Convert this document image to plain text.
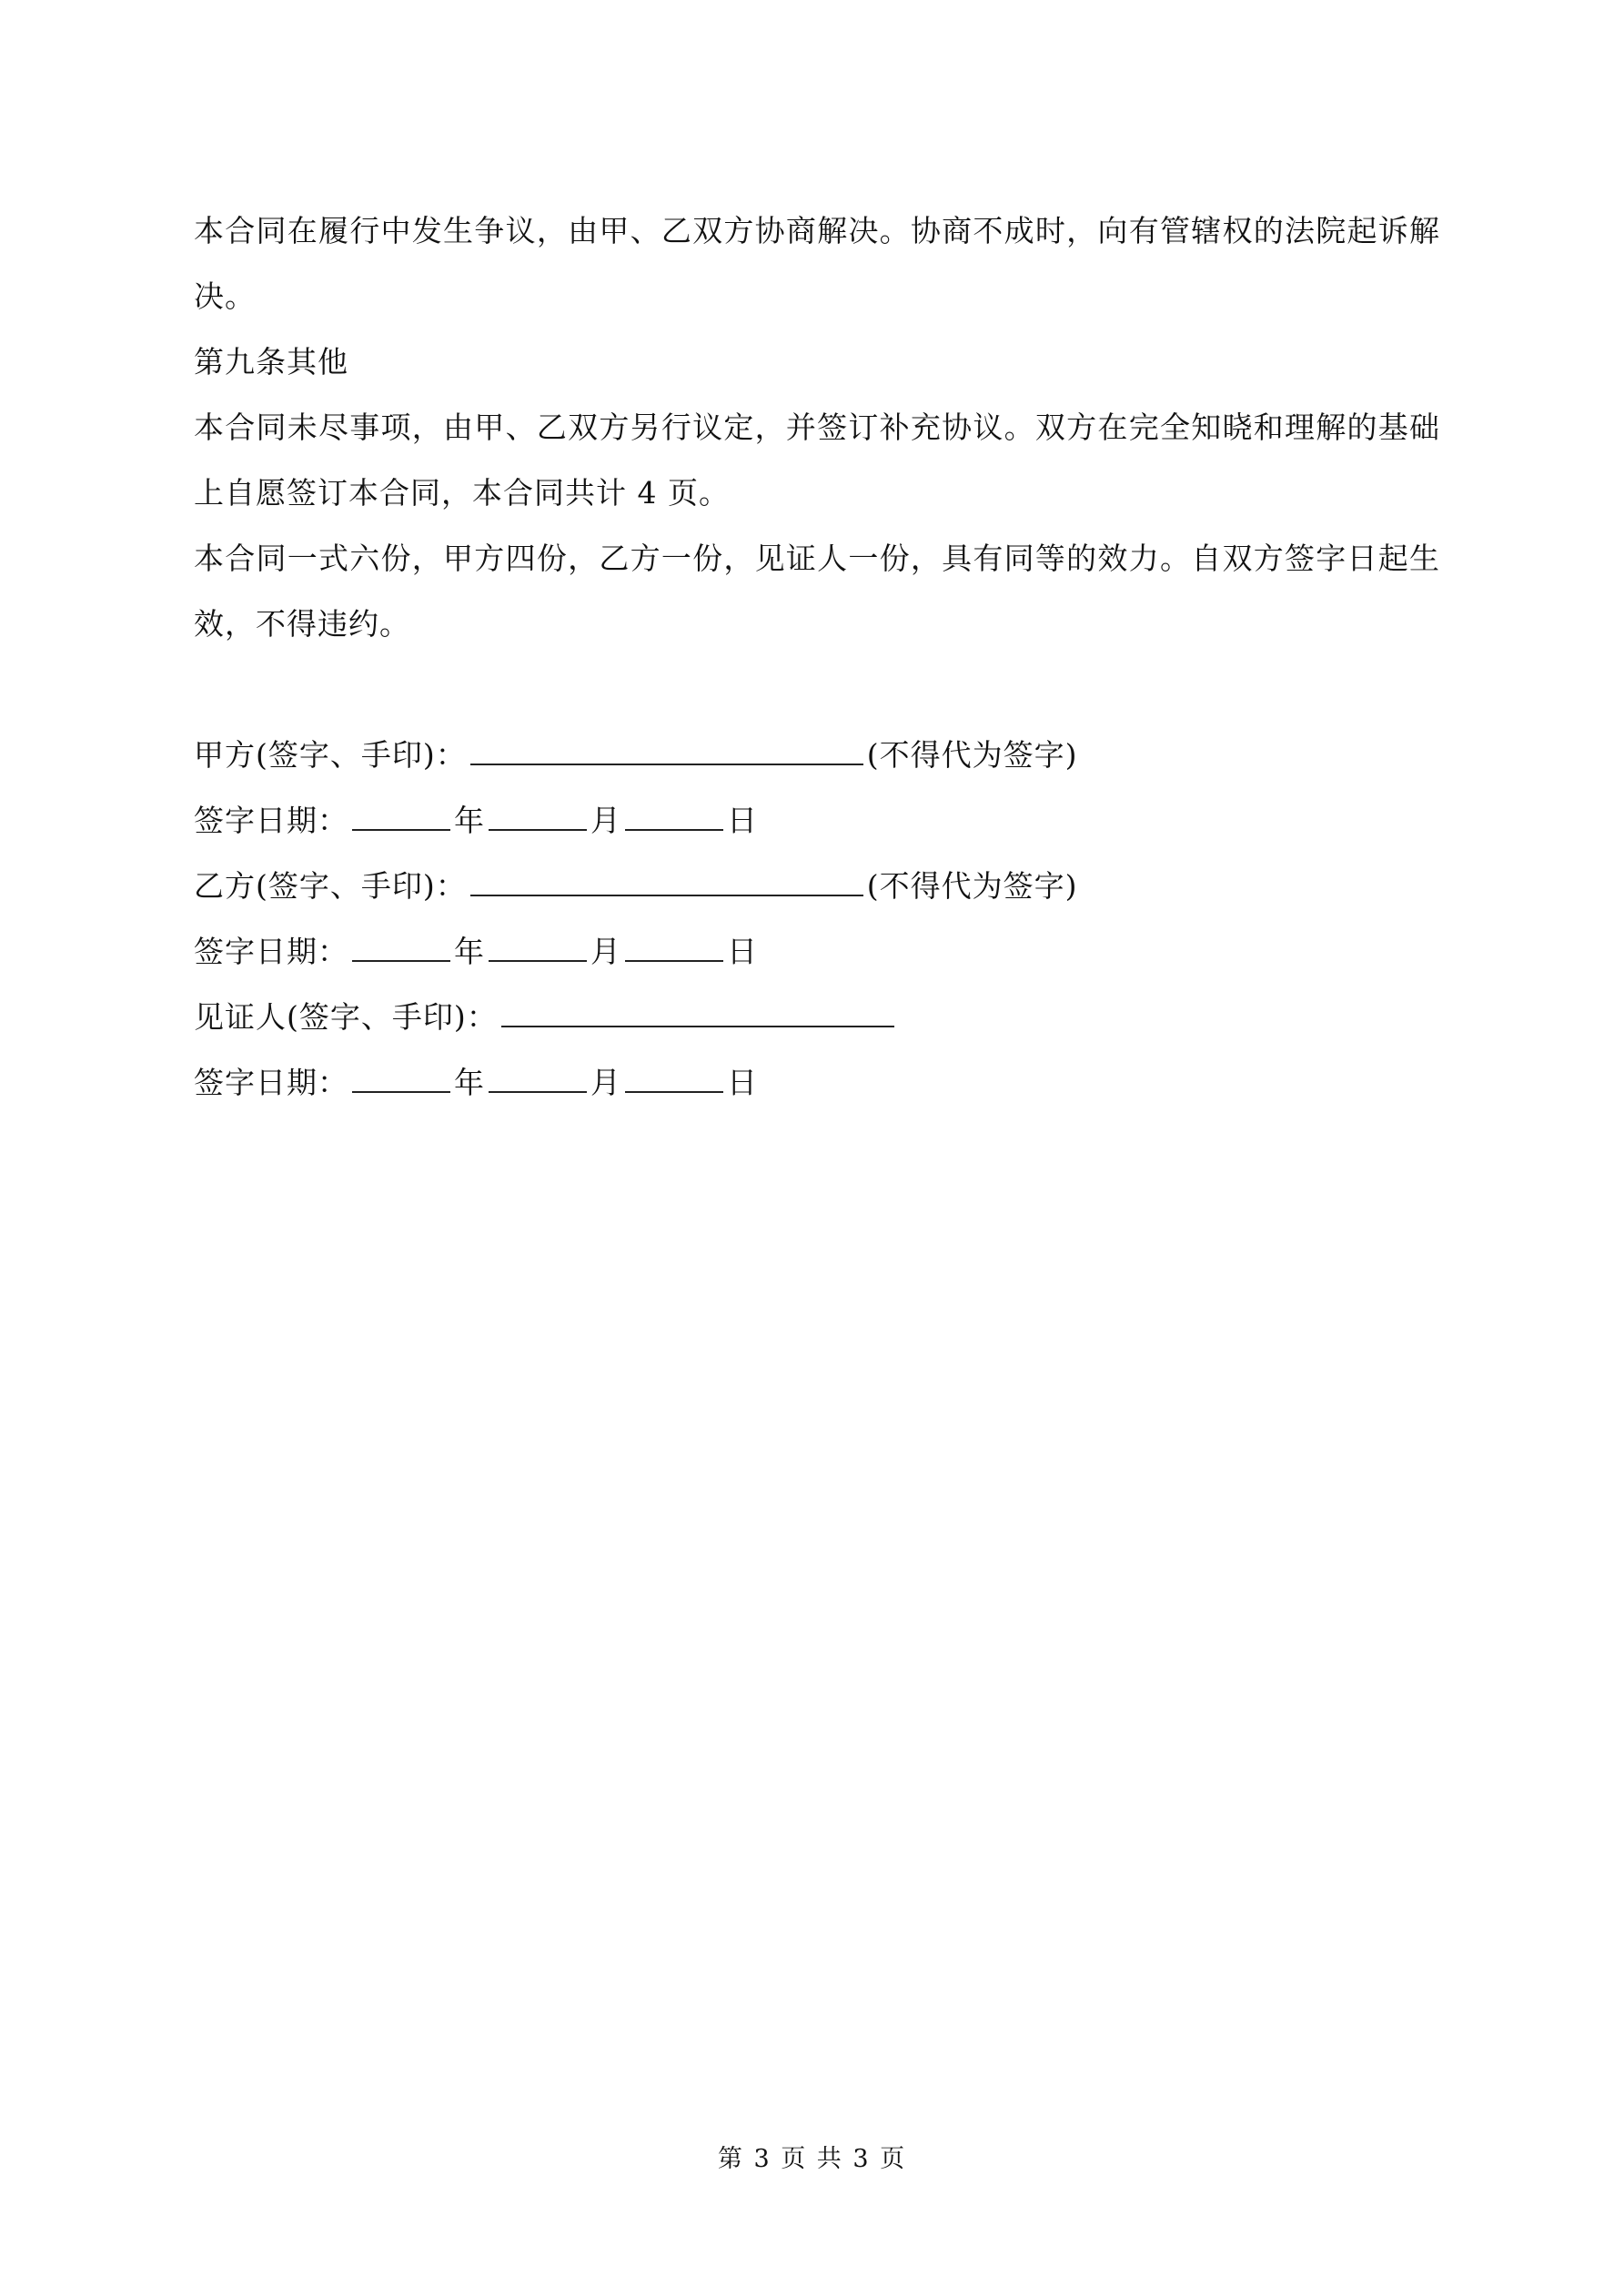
本合同在履行中发生争议，由甲、乙双方协商解决。协商不成时，向有管辖权的法院起诉解决。

第九条其他

本合同未尽事项，由甲、乙双方另行议定，并签订补充协议。双方在完全知晓和理解的基础上自愿签订本合同，本合同共计 4 页。

本合同一式六份，甲方四份，乙方一份，见证人一份，具有同等的效力。自双方签字日起生效，不得违约。

甲方(签字、手印)：	(不得代为签字)

签字日期：	年	月	日

乙方(签字、手印)：	(不得代为签字)

签字日期：	年	月	日

见证人(签字、手印)：

签字日期：	年	月	日

第 3 页 共 3 页
